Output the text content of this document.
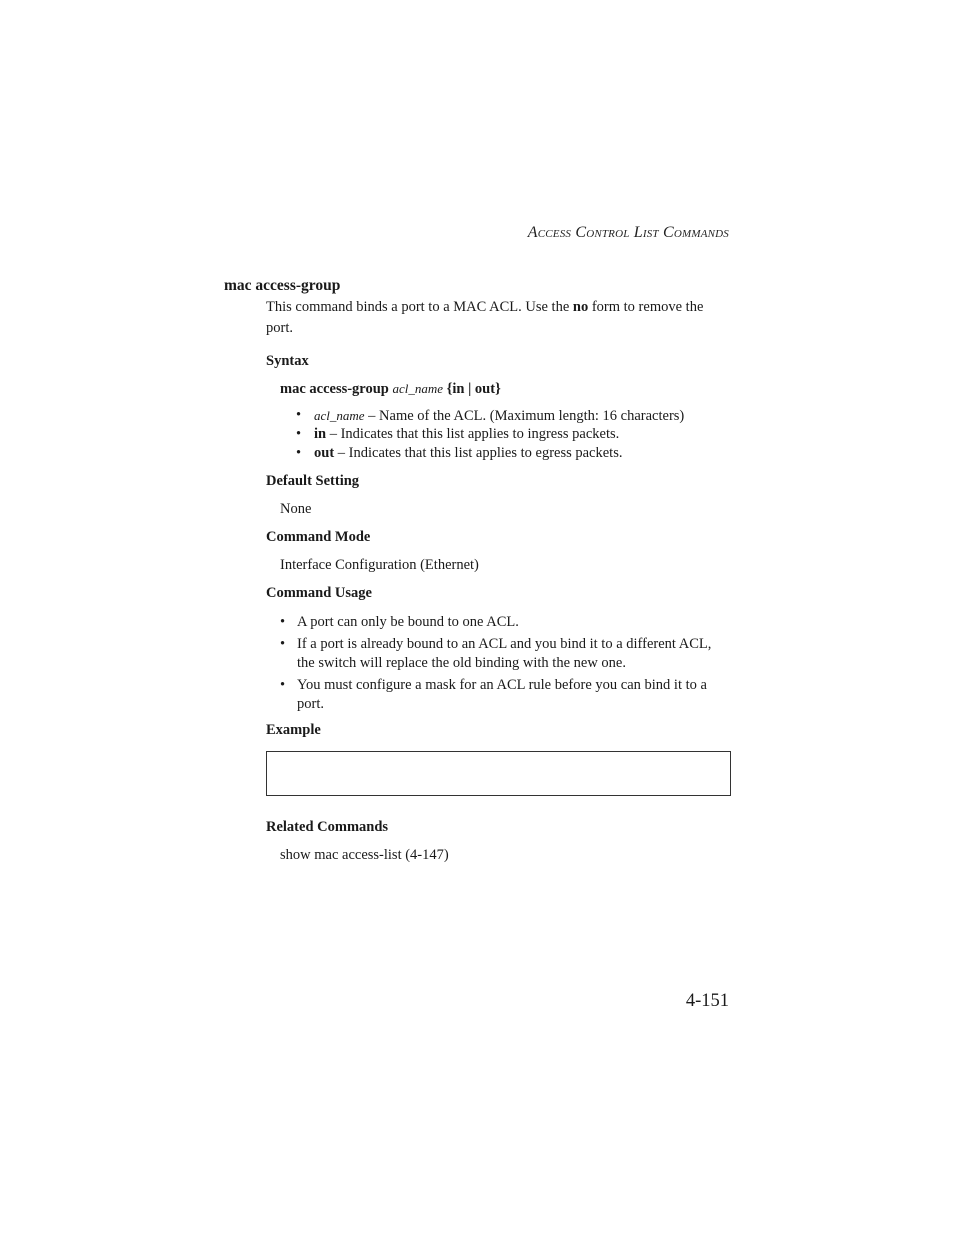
Access Control List Commands
mac access-group
This command binds a port to a MAC ACL. Use the no form to remove the port.
Syntax
mac access-group acl_name {in | out}
• acl_name – Name of the ACL. (Maximum length: 16 characters)
• in – Indicates that this list applies to ingress packets.
• out – Indicates that this list applies to egress packets.
Default Setting
None
Command Mode
Interface Configuration (Ethernet)
Command Usage
• A port can only be bound to one ACL.
• If a port is already bound to an ACL and you bind it to a different ACL, the switch will replace the old binding with the new one.
• You must configure a mask for an ACL rule before you can bind it to a port.
Example
Related Commands
show mac access-list (4-147)
4-151
